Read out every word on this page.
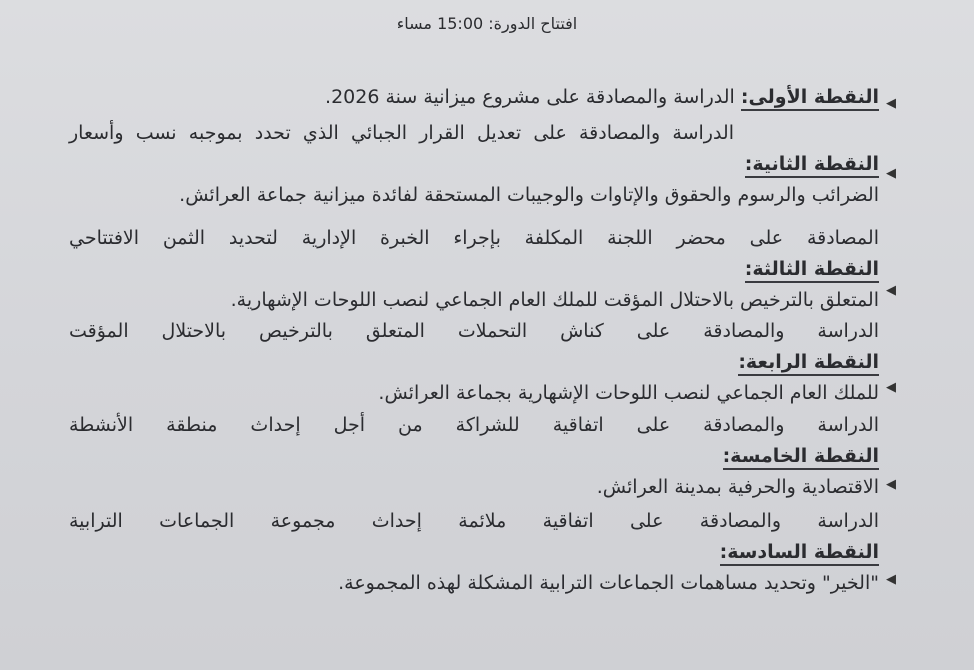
افتتاح الدورة: 15:00 مساء
◀
النقطة الأولى: الدراسة والمصادقة على مشروع ميزانية سنة 2026.
◀
الدراسة والمصادقة على تعديل القرار الجبائي الذي تحدد بموجبه نسب وأسعار
النقطة الثانية:
الضرائب والرسوم والحقوق والإتاوات والوجيبات المستحقة لفائدة ميزانية جماعة العرائش.
◀
المصادقة على محضر اللجنة المكلفة بإجراء الخبرة الإدارية لتحديد الثمن الافتتاحي
النقطة الثالثة:
المتعلق بالترخيص بالاحتلال المؤقت للملك العام الجماعي لنصب اللوحات الإشهارية.
◀
الدراسة والمصادقة على كناش التحملات المتعلق بالترخيص بالاحتلال المؤقت
النقطة الرابعة:
للملك العام الجماعي لنصب اللوحات الإشهارية بجماعة العرائش.
◀
الدراسة والمصادقة على اتفاقية للشراكة من أجل إحداث منطقة الأنشطة
النقطة الخامسة:
الاقتصادية والحرفية بمدينة العرائش.
◀
الدراسة والمصادقة على اتفاقية ملائمة إحداث مجموعة الجماعات الترابية
النقطة السادسة:
"الخير" وتحديد مساهمات الجماعات الترابية المشكلة لهذه المجموعة.
